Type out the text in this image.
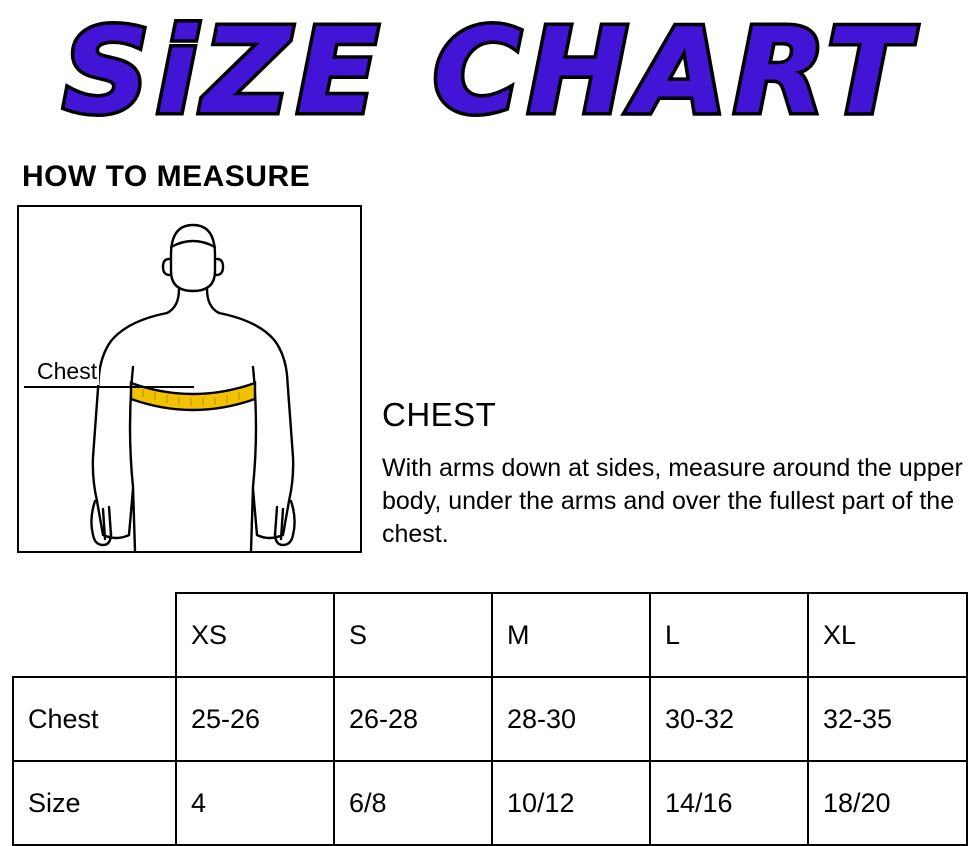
SiZE CHART
HOW TO MEASURE
Chest
CHEST
With arms down at sides, measure around the upper body, under the arms and over the fullest part of the chest.
	XS	S	M	L	XL
Chest	25-26	26-28	28-30	30-32	32-35
Size	4	6/8	10/12	14/16	18/20
